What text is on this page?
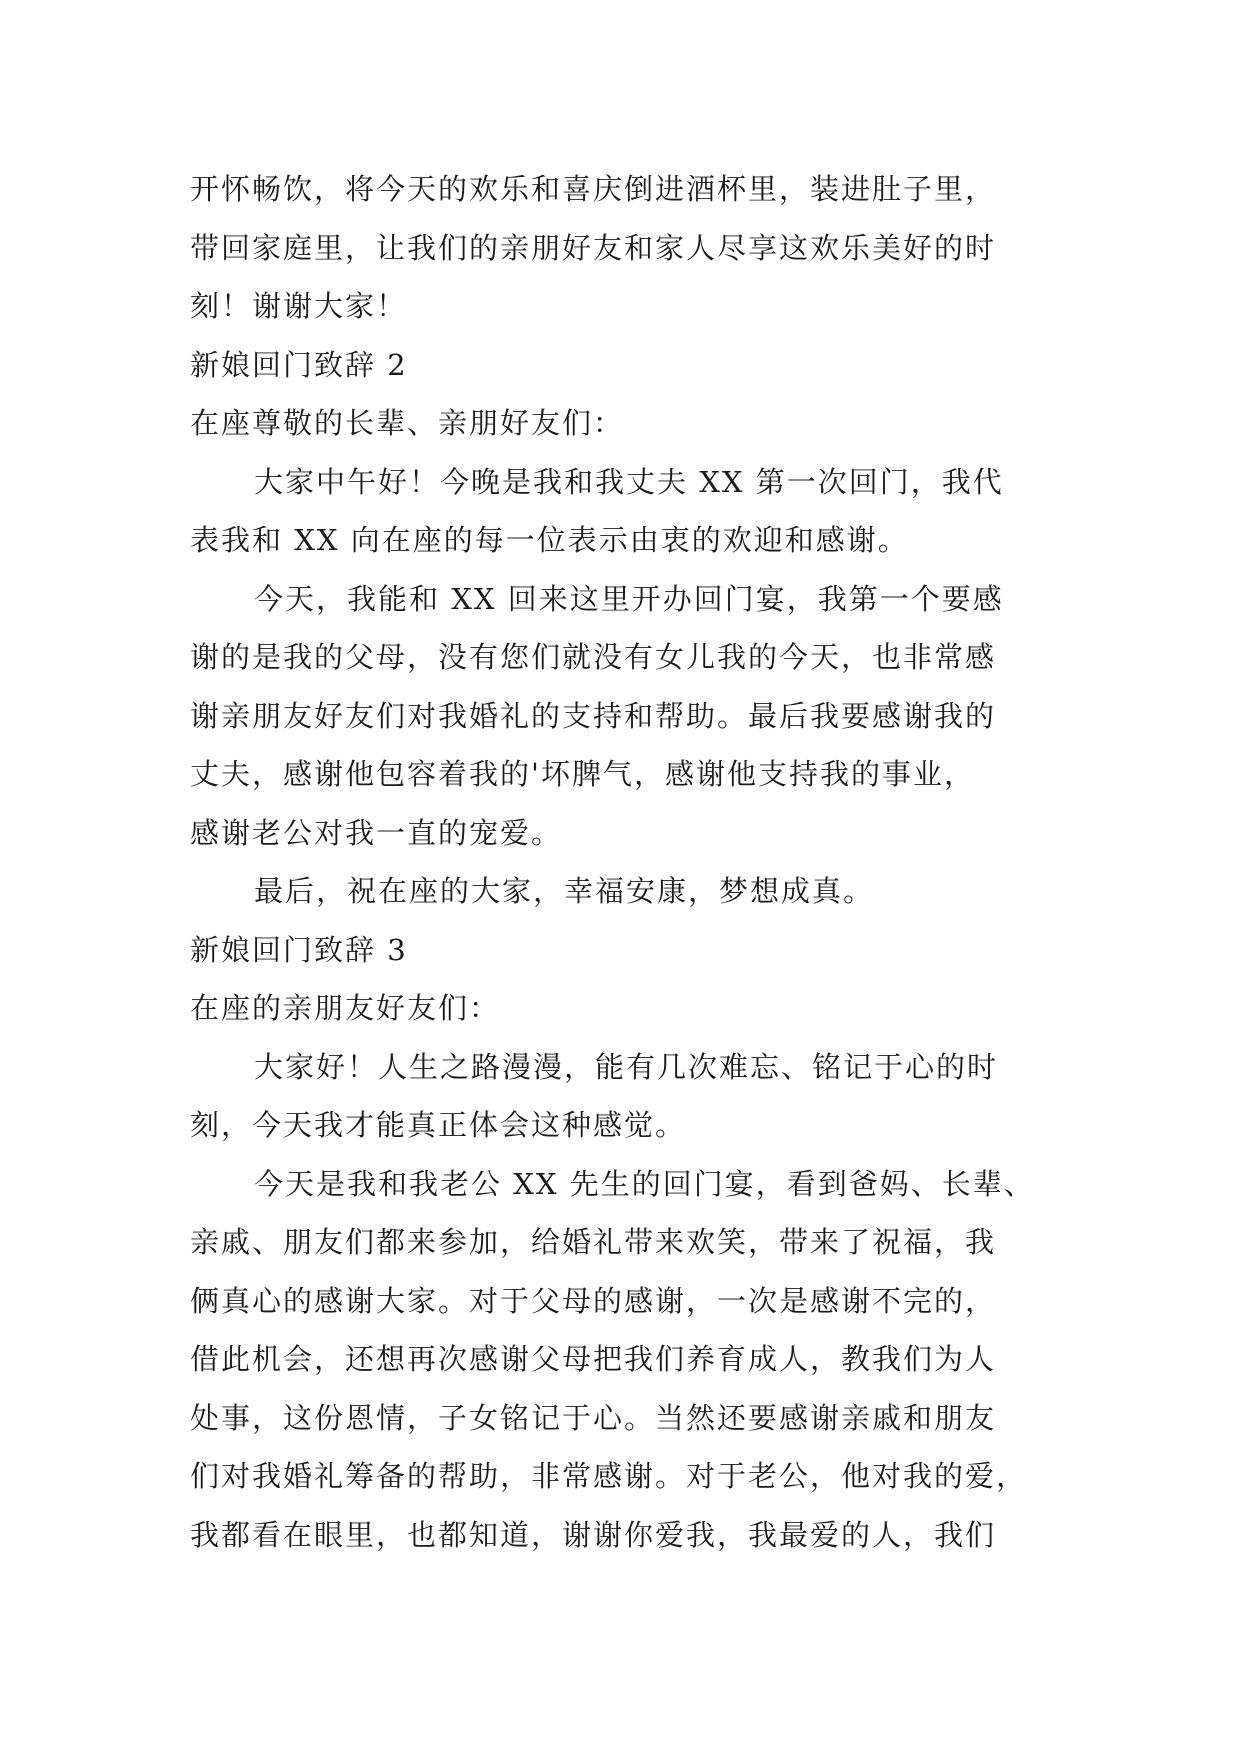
开怀畅饮，将今天的欢乐和喜庆倒进酒杯里，装进肚子里，
带回家庭里，让我们的亲朋好友和家人尽享这欢乐美好的时
刻！谢谢大家！
新娘回门致辞 2
在座尊敬的长辈、亲朋好友们：
大家中午好！今晚是我和我丈夫 XX 第一次回门，我代
表我和 XX 向在座的每一位表示由衷的欢迎和感谢。
今天，我能和 XX 回来这里开办回门宴，我第一个要感
谢的是我的父母，没有您们就没有女儿我的今天，也非常感
谢亲朋友好友们对我婚礼的支持和帮助。最后我要感谢我的
丈夫，感谢他包容着我的'坏脾气，感谢他支持我的事业，
感谢老公对我一直的宠爱。
最后，祝在座的大家，幸福安康，梦想成真。
新娘回门致辞 3
在座的亲朋友好友们：
大家好！人生之路漫漫，能有几次难忘、铭记于心的时
刻，今天我才能真正体会这种感觉。
今天是我和我老公 XX 先生的回门宴，看到爸妈、长辈、
亲戚、朋友们都来参加，给婚礼带来欢笑，带来了祝福，我
俩真心的感谢大家。对于父母的感谢，一次是感谢不完的，
借此机会，还想再次感谢父母把我们养育成人，教我们为人
处事，这份恩情，子女铭记于心。当然还要感谢亲戚和朋友
们对我婚礼筹备的帮助，非常感谢。对于老公，他对我的爱，
我都看在眼里，也都知道，谢谢你爱我，我最爱的人，我们
